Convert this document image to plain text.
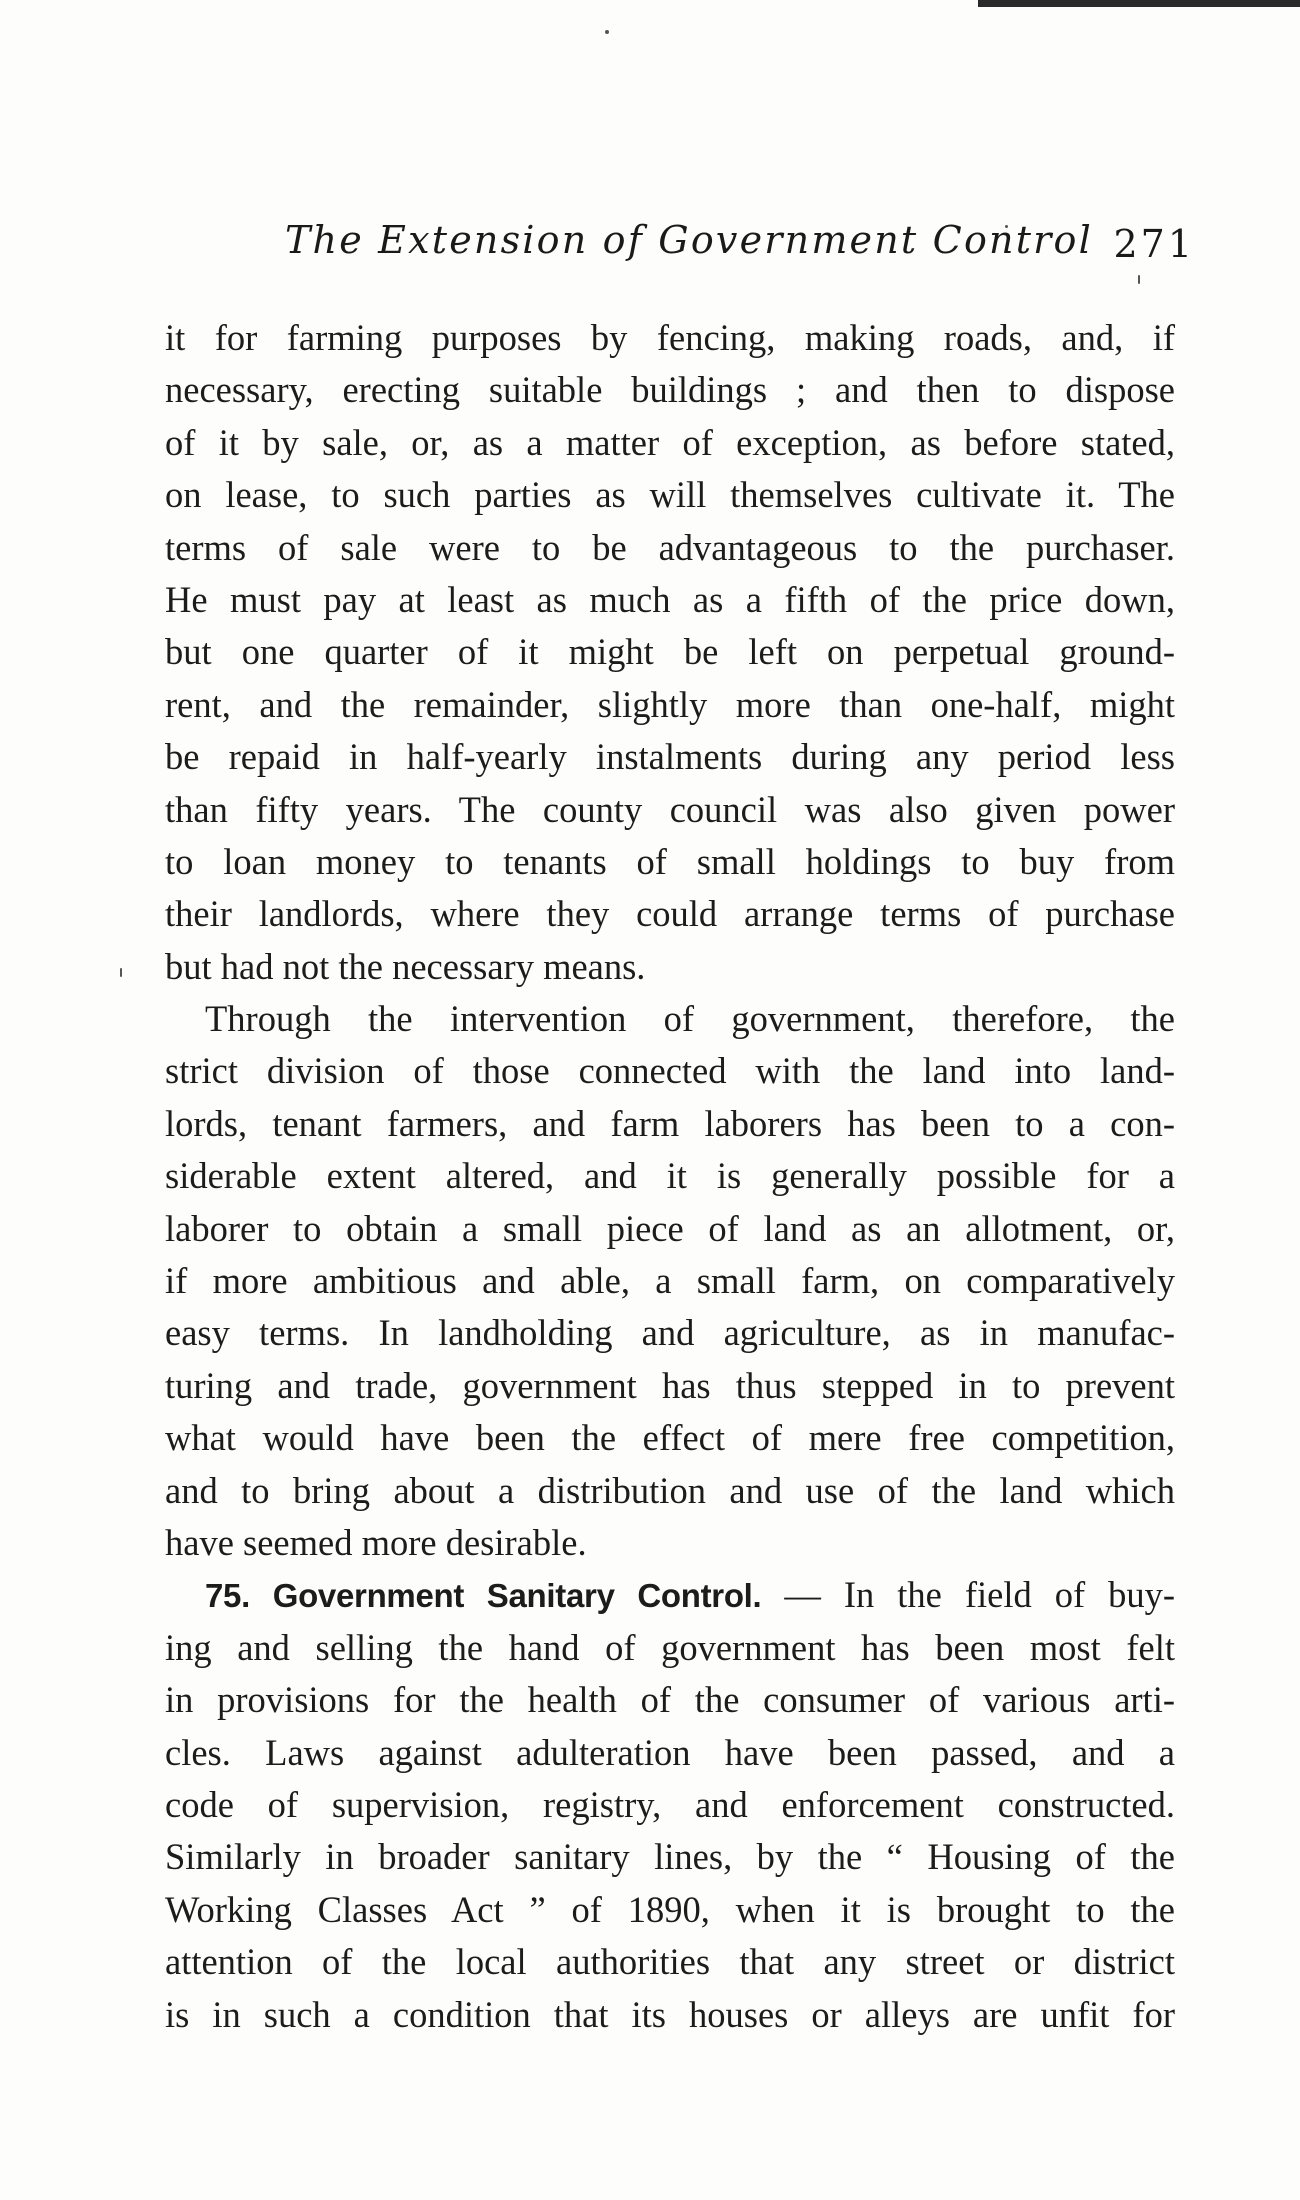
The Extension of Government Control 271

it for farming purposes by fencing, making roads, and, if
necessary, erecting suitable buildings ; and then to dispose
of it by sale, or, as a matter of exception, as before stated,
on lease, to such parties as will themselves cultivate it. The
terms of sale were to be advantageous to the purchaser.
He must pay at least as much as a fifth of the price down,
but one quarter of it might be left on perpetual ground-
rent, and the remainder, slightly more than one-half, might
be repaid in half-yearly instalments during any period less
than fifty years. The county council was also given power
to loan money to tenants of small holdings to buy from
their landlords, where they could arrange terms of purchase
but had not the necessary means.

Through the intervention of government, therefore, the
strict division of those connected with the land into land-
lords, tenant farmers, and farm laborers has been to a con-
siderable extent altered, and it is generally possible for a
laborer to obtain a small piece of land as an allotment, or,
if more ambitious and able, a small farm, on comparatively
easy terms. In landholding and agriculture, as in manufac-
turing and trade, government has thus stepped in to prevent
what would have been the effect of mere free competition,
and to bring about a distribution and use of the land which
have seemed more desirable.

75. Government Sanitary Control. — In the field of buy-
ing and selling the hand of government has been most felt
in provisions for the health of the consumer of various arti-
cles. Laws against adulteration have been passed, and a
code of supervision, registry, and enforcement constructed.
Similarly in broader sanitary lines, by the “ Housing of the
Working Classes Act ” of 1890, when it is brought to the
attention of the local authorities that any street or district
is in such a condition that its houses or alleys are unfit for
